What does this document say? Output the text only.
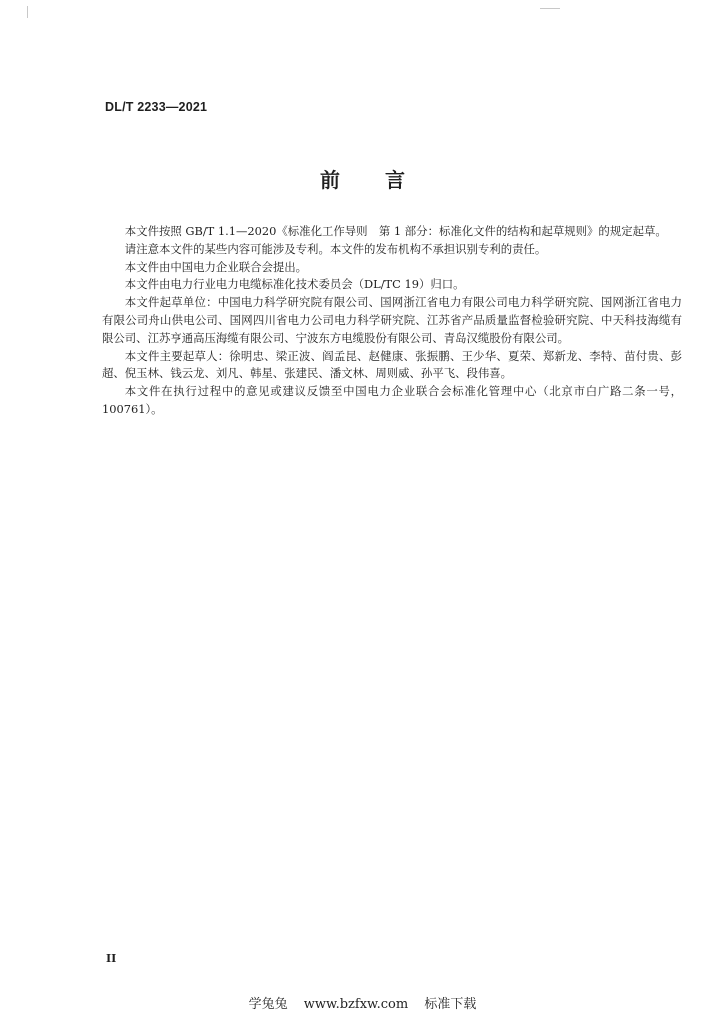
DL/T 2233—2021
前 言

本文件按照 GB/T 1.1—2020《标准化工作导则　第 1 部分：标准化文件的结构和起草规则》的规定起草。

请注意本文件的某些内容可能涉及专利。本文件的发布机构不承担识别专利的责任。

本文件由中国电力企业联合会提出。

本文件由电力行业电力电缆标准化技术委员会（DL/TC 19）归口。

本文件起草单位：中国电力科学研究院有限公司、国网浙江省电力有限公司电力科学研究院、国网浙江省电力有限公司舟山供电公司、国网四川省电力公司电力科学研究院、江苏省产品质量监督检验研究院、中天科技海缆有限公司、江苏亨通高压海缆有限公司、宁波东方电缆股份有限公司、青岛汉缆股份有限公司。

本文件主要起草人：徐明忠、梁正波、阎孟昆、赵健康、张振鹏、王少华、夏荣、郑新龙、李特、苗付贵、彭超、倪玉林、钱云龙、刘凡、韩星、张建民、潘文林、周则威、孙平飞、段伟喜。

本文件在执行过程中的意见或建议反馈至中国电力企业联合会标准化管理中心（北京市白广路二条一号，100761）。

II
学兔兔 www.bzfxw.com 标准下载
